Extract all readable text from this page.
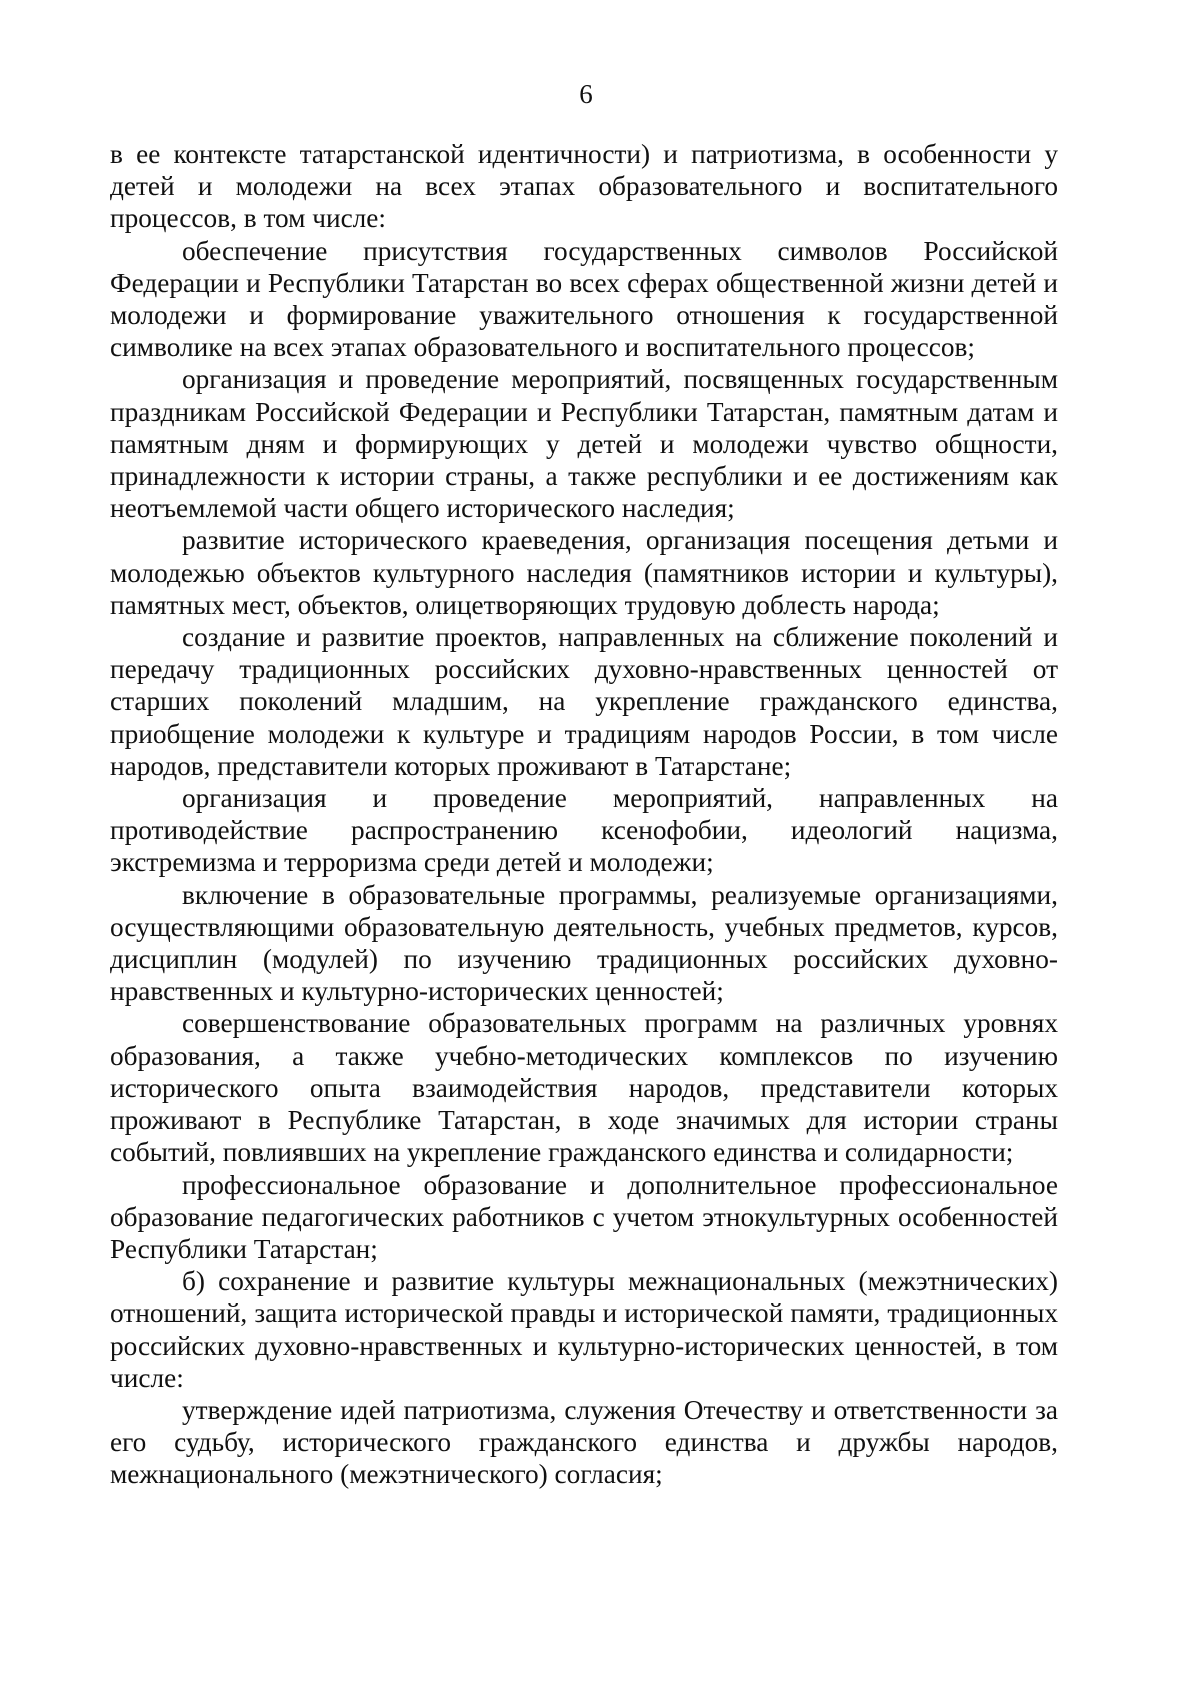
6

в ее контексте татарстанской идентичности) и патриотизма, в особенности у детей и молодежи на всех этапах образовательного и воспитательного процессов, в том числе:

обеспечение присутствия государственных символов Российской Федерации и Республики Татарстан во всех сферах общественной жизни детей и молодежи и формирование уважительного отношения к государственной символике на всех этапах образовательного и воспитательного процессов;

организация и проведение мероприятий, посвященных государственным праздникам Российской Федерации и Республики Татарстан, памятным датам и памятным дням и формирующих у детей и молодежи чувство общности, принадлежности к истории страны, а также республики и ее достижениям как неотъемлемой части общего исторического наследия;

развитие исторического краеведения, организация посещения детьми и молодежью объектов культурного наследия (памятников истории и культуры), памятных мест, объектов, олицетворяющих трудовую доблесть народа;

создание и развитие проектов, направленных на сближение поколений и передачу традиционных российских духовно-нравственных ценностей от старших поколений младшим, на укрепление гражданского единства, приобщение молодежи к культуре и традициям народов России, в том числе народов, представители которых проживают в Татарстане;

организация и проведение мероприятий, направленных на противодействие распространению ксенофобии, идеологий нацизма, экстремизма и терроризма среди детей и молодежи;

включение в образовательные программы, реализуемые организациями, осуществляющими образовательную деятельность, учебных предметов, курсов, дисциплин (модулей) по изучению традиционных российских духовно-нравственных и культурно-исторических ценностей;

совершенствование образовательных программ на различных уровнях образования, а также учебно-методических комплексов по изучению исторического опыта взаимодействия народов, представители которых проживают в Республике Татарстан, в ходе значимых для истории страны событий, повлиявших на укрепление гражданского единства и солидарности;

профессиональное образование и дополнительное профессиональное образование педагогических работников с учетом этнокультурных особенностей Республики Татарстан;

б) сохранение и развитие культуры межнациональных (межэтнических) отношений, защита исторической правды и исторической памяти, традиционных российских духовно-нравственных и культурно-исторических ценностей, в том числе:

утверждение идей патриотизма, служения Отечеству и ответственности за его судьбу, исторического гражданского единства и дружбы народов, межнационального (межэтнического) согласия;
